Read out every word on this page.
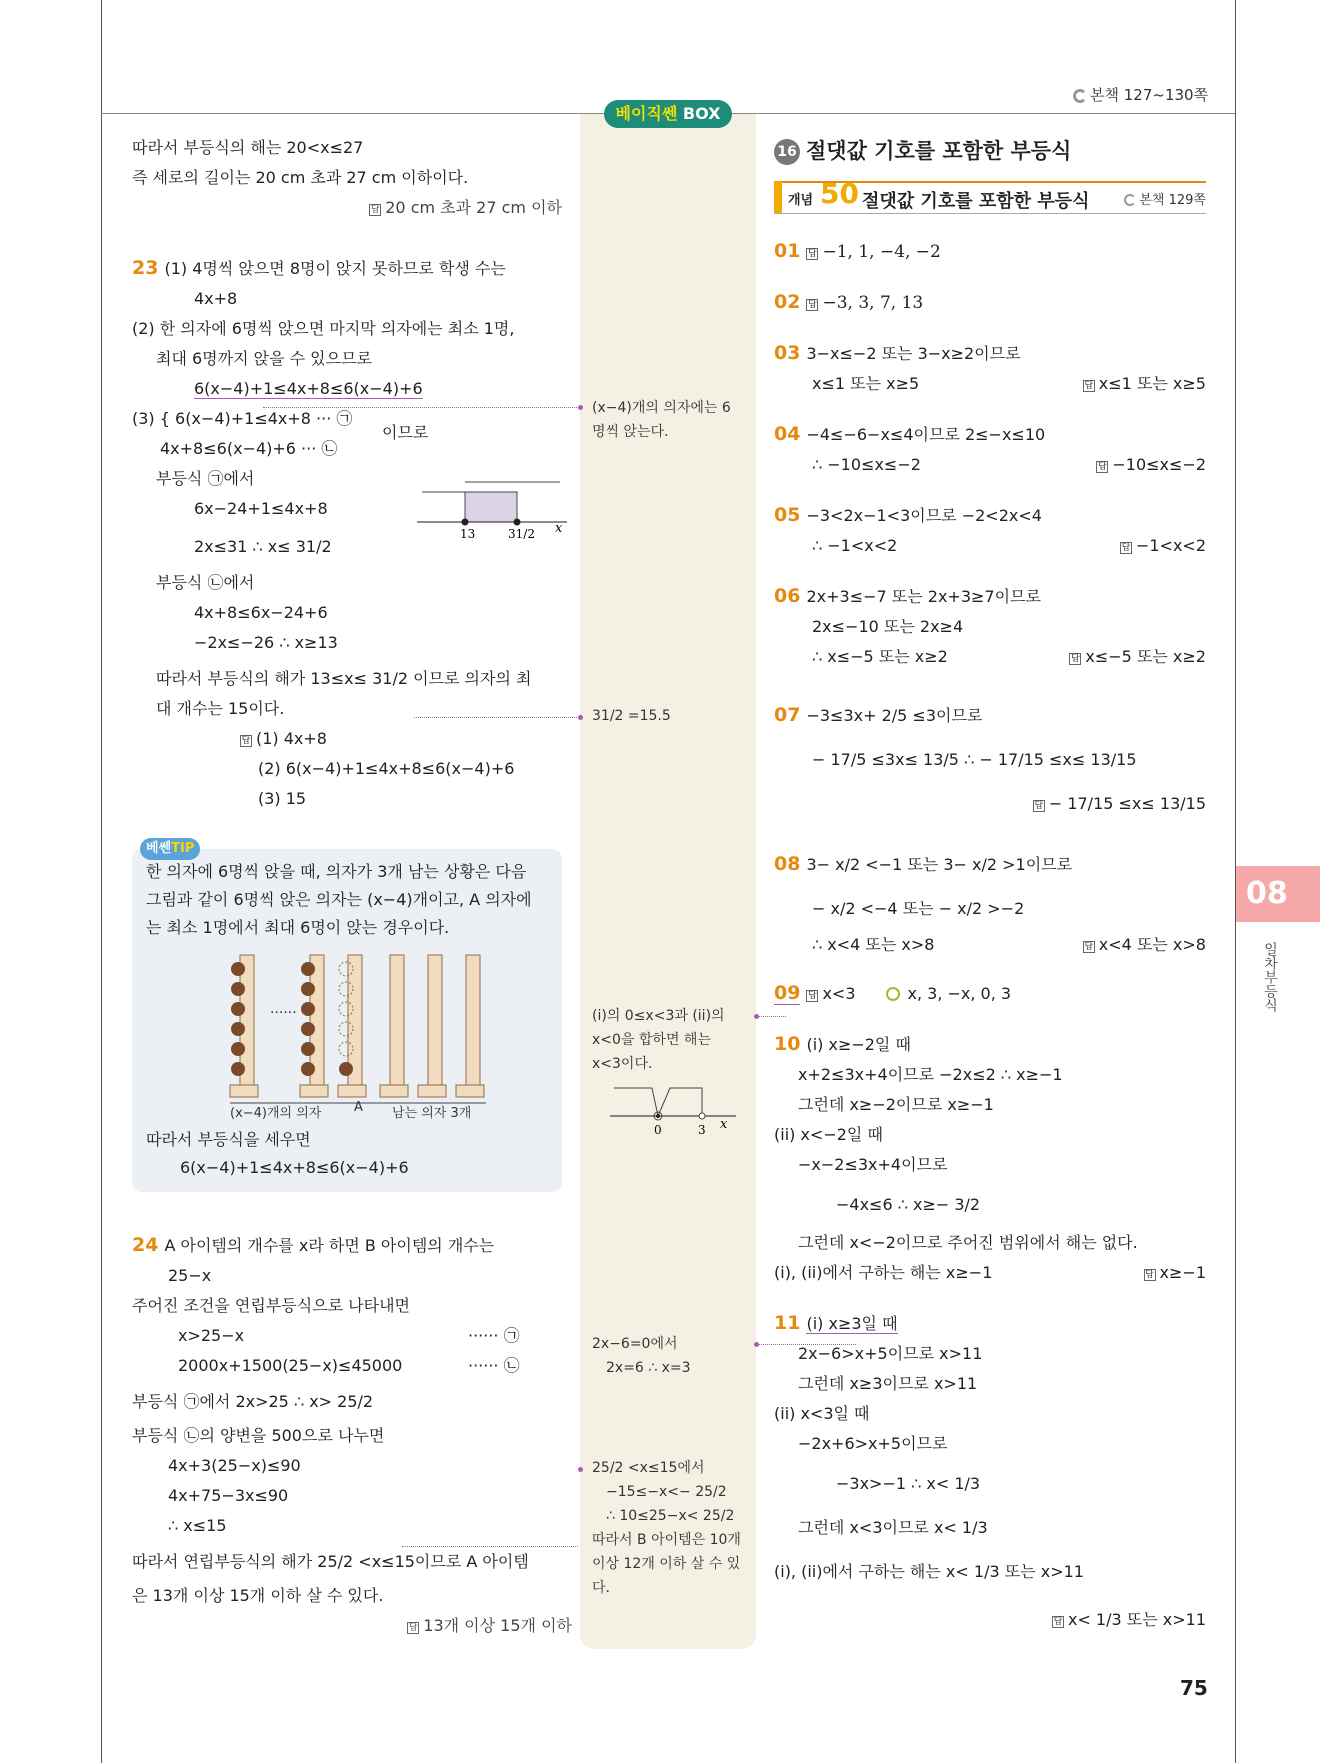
본책 127~130쪽
베이직쎈 BOX
따라서 부등식의 해는 20<x≤27
즉 세로의 길이는 20 cm 초과 27 cm 이하이다.
답 20 cm 초과 27 cm 이하
23 (1) 4명씩 앉으면 8명이 앉지 못하므로 학생 수는
4x+8
(2) 한 의자에 6명씩 앉으면 마지막 의자에는 최소 1명,
최대 6명까지 앉을 수 있으므로
6(x−4)+1≤4x+8≤6(x−4)+6
(3) { 6(x−4)+1≤4x+8 ··· ㉠
4x+8≤6(x−4)+6 ··· ㉡
이므로
부등식 ㉠에서
6x−24+1≤4x+8
2x≤31 ∴ x≤ 31/2
부등식 ㉡에서
4x+8≤6x−24+6
−2x≤−26 ∴ x≥13
따라서 부등식의 해가 13≤x≤ 31/2 이므로 의자의 최
대 개수는 15이다.
답 (1) 4x+8
(2) 6(x−4)+1≤4x+8≤6(x−4)+6
(3) 15
13	31/2 x
베쎈TIP
한 의자에 6명씩 앉을 때, 의자가 3개 남는 상황은 다음
그림과 같이 6명씩 앉은 의자는 (x−4)개이고, A 의자에
는 최소 1명에서 최대 6명이 앉는 경우이다.
······
(x−4)개의 의자	A 남는 의자 3개
따라서 부등식을 세우면
6(x−4)+1≤4x+8≤6(x−4)+6
24 A 아이템의 개수를 x라 하면 B 아이템의 개수는
25−x
주어진 조건을 연립부등식으로 나타내면
x>25−x	······ ㉠
2000x+1500(25−x)≤45000	······ ㉡
부등식 ㉠에서 2x>25 ∴ x> 25/2
부등식 ㉡의 양변을 500으로 나누면
4x+3(25−x)≤90
4x+75−3x≤90
∴ x≤15
따라서 연립부등식의 해가 25/2 <x≤15이므로 A 아이템
은 13개 이상 15개 이하 살 수 있다.
답 13개 이상 15개 이하
(x−4)개의 의자에는 6
명씩 앉는다.
31/2 =15.5
(i)의 0≤x<3과 (ii)의
x<0을 합하면 해는
x<3이다.
0	3 x
2x−6=0에서
2x=6 ∴ x=3
25/2 <x≤15에서
−15≤−x<− 25/2
∴ 10≤25−x< 25/2
따라서 B 아이템은 10개
이상 12개 이하 살 수 있
다.
16 절댓값 기호를 포함한 부등식
개념 50 절댓값 기호를 포함한 부등식	본책 129쪽
01 답 −1, 1, −4, −2
02 답 −3, 3, 7, 13
03 3−x≤−2 또는 3−x≥2이므로
x≤1 또는 x≥5	답 x≤1 또는 x≥5
04 −4≤−6−x≤4이므로 2≤−x≤10
∴ −10≤x≤−2	답 −10≤x≤−2
05 −3<2x−1<3이므로 −2<2x<4
∴ −1<x<2	답 −1<x<2
06 2x+3≤−7 또는 2x+3≥7이므로
2x≤−10 또는 2x≥4
∴ x≤−5 또는 x≥2	답 x≤−5 또는 x≥2
07 −3≤3x+ 2/5 ≤3이므로
− 17/5 ≤3x≤ 13/5 ∴ − 17/15 ≤x≤ 13/15
답 − 17/15 ≤x≤ 13/15
08 3− x/2 <−1 또는 3− x/2 >1이므로
− x/2 <−4 또는 − x/2 >−2
∴ x<4 또는 x>8	답 x<4 또는 x>8
09 답 x<3	x, 3, −x, 0, 3
10 (i) x≥−2일 때
x+2≤3x+4이므로 −2x≤2 ∴ x≥−1
그런데 x≥−2이므로 x≥−1
(ii) x<−2일 때
−x−2≤3x+4이므로
−4x≤6 ∴ x≥− 3/2
그런데 x<−2이므로 주어진 범위에서 해는 없다.
(i), (ii)에서 구하는 해는 x≥−1	답 x≥−1
11 (i) x≥3일 때
2x−6>x+5이므로 x>11
그런데 x≥3이므로 x>11
(ii) x<3일 때
−2x+6>x+5이므로
−3x>−1 ∴ x< 1/3
그런데 x<3이므로 x< 1/3
(i), (ii)에서 구하는 해는 x< 1/3 또는 x>11
답 x< 1/3 또는 x>11
08
일차부등식
75
